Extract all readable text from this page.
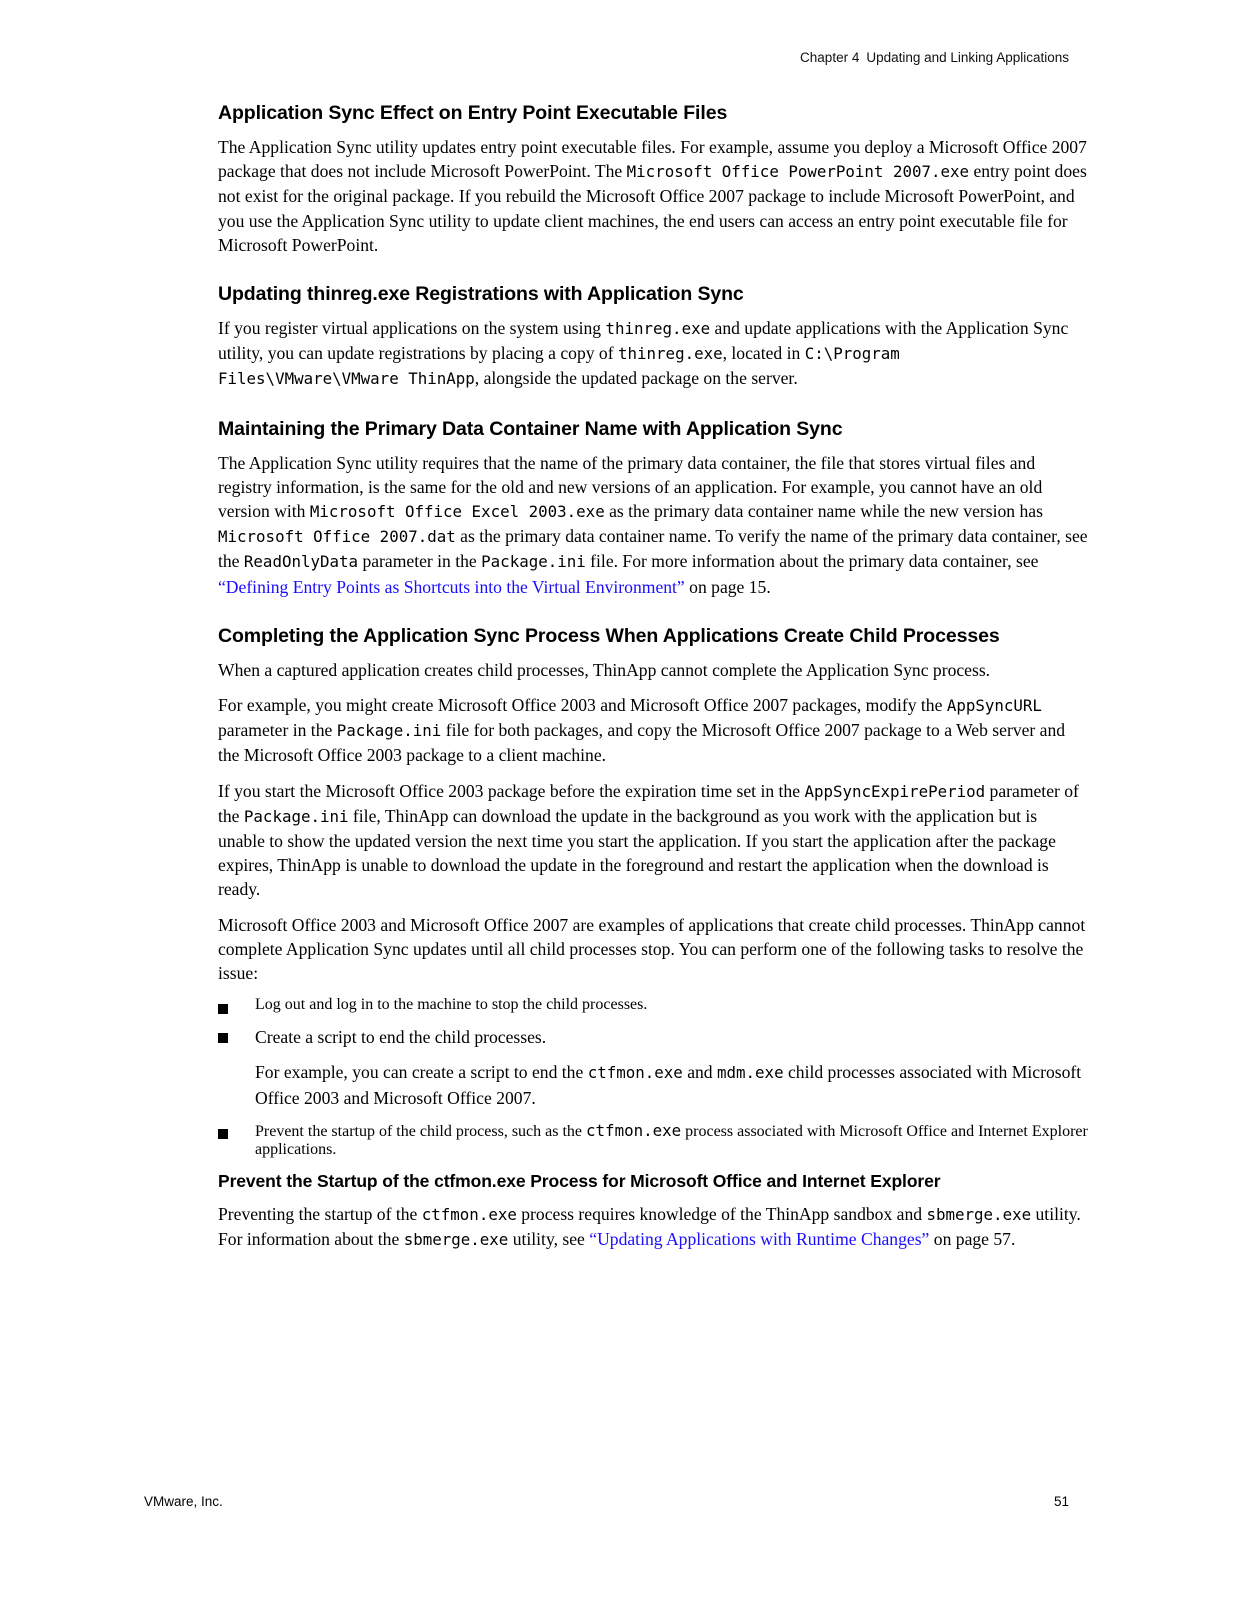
Chapter 4 Updating and Linking Applications
Application Sync Effect on Entry Point Executable Files

The Application Sync utility updates entry point executable files. For example, assume you deploy a Microsoft Office 2007 package that does not include Microsoft PowerPoint. The Microsoft Office PowerPoint 2007.exe entry point does not exist for the original package. If you rebuild the Microsoft Office 2007 package to include Microsoft PowerPoint, and you use the Application Sync utility to update client machines, the end users can access an entry point executable file for Microsoft PowerPoint.

Updating thinreg.exe Registrations with Application Sync

If you register virtual applications on the system using thinreg.exe and update applications with the Application Sync utility, you can update registrations by placing a copy of thinreg.exe, located in C:\Program Files\VMware\VMware ThinApp, alongside the updated package on the server.

Maintaining the Primary Data Container Name with Application Sync

The Application Sync utility requires that the name of the primary data container, the file that stores virtual files and registry information, is the same for the old and new versions of an application. For example, you cannot have an old version with Microsoft Office Excel 2003.exe as the primary data container name while the new version has Microsoft Office 2007.dat as the primary data container name. To verify the name of the primary data container, see the ReadOnlyData parameter in the Package.ini file. For more information about the primary data container, see “Defining Entry Points as Shortcuts into the Virtual Environment” on page 15.

Completing the Application Sync Process When Applications Create Child Processes

When a captured application creates child processes, ThinApp cannot complete the Application Sync process.

For example, you might create Microsoft Office 2003 and Microsoft Office 2007 packages, modify the AppSyncURL parameter in the Package.ini file for both packages, and copy the Microsoft Office 2007 package to a Web server and the Microsoft Office 2003 package to a client machine.

If you start the Microsoft Office 2003 package before the expiration time set in the AppSyncExpirePeriod parameter of the Package.ini file, ThinApp can download the update in the background as you work with the application but is unable to show the updated version the next time you start the application. If you start the application after the package expires, ThinApp is unable to download the update in the foreground and restart the application when the download is ready.

Microsoft Office 2003 and Microsoft Office 2007 are examples of applications that create child processes. ThinApp cannot complete Application Sync updates until all child processes stop. You can perform one of the following tasks to resolve the issue:

Log out and log in to the machine to stop the child processes.

Create a script to end the child processes.

For example, you can create a script to end the ctfmon.exe and mdm.exe child processes associated with Microsoft Office 2003 and Microsoft Office 2007.

Prevent the startup of the child process, such as the ctfmon.exe process associated with Microsoft Office and Internet Explorer applications.
Prevent the Startup of the ctfmon.exe Process for Microsoft Office and Internet Explorer

Preventing the startup of the ctfmon.exe process requires knowledge of the ThinApp sandbox and sbmerge.exe utility. For information about the sbmerge.exe utility, see “Updating Applications with Runtime Changes” on page 57.

VMware, Inc.	51
